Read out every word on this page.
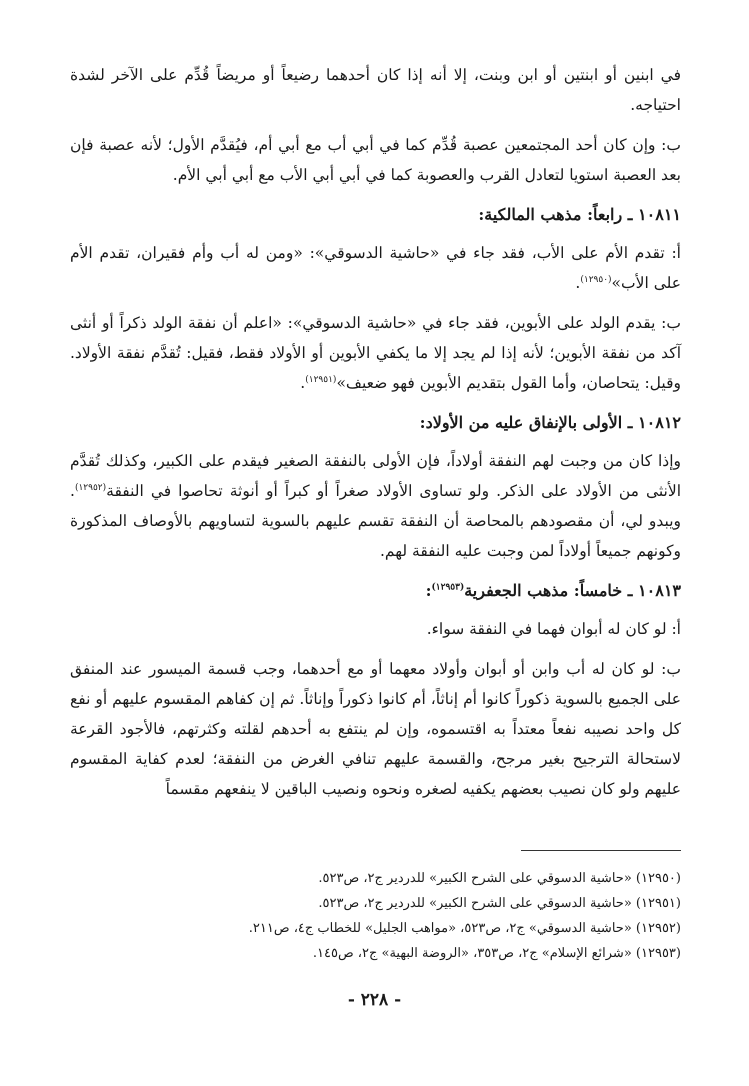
في ابنين أو ابنتين أو ابن وبنت، إلا أنه إذا كان أحدهما رضيعاً أو مريضاً قُدِّم على الآخر لشدة احتياجه.

ب: وإن كان أحد المجتمعين عصبة قُدِّم كما في أبي أب مع أبي أم، فيُقدَّم الأول؛ لأنه عصبة فإن بعد العصبة استويا لتعادل القرب والعصوبة كما في أبي أبي الأب مع أبي أبي الأم.

١٠٨١١ ـ رابعاً: مذهب المالكية:

أ: تقدم الأم على الأب، فقد جاء في «حاشية الدسوقي»: «ومن له أب وأم فقيران، تقدم الأم على الأب»$^{(١٢٩٥٠)}$.

ب: يقدم الولد على الأبوين، فقد جاء في «حاشية الدسوقي»: «اعلم أن نفقة الولد ذكراً أو أنثى آكد من نفقة الأبوين؛ لأنه إذا لم يجد إلا ما يكفي الأبوين أو الأولاد فقط، فقيل: تُقدَّم نفقة الأولاد. وقيل: يتحاصان، وأما القول بتقديم الأبوين فهو ضعيف»$^{(١٢٩٥١)}$.

١٠٨١٢ ـ الأولى بالإنفاق عليه من الأولاد:

وإذا كان من وجبت لهم النفقة أولاداً، فإن الأولى بالنفقة الصغير فيقدم على الكبير، وكذلك تُقدَّم الأنثى من الأولاد على الذكر. ولو تساوى الأولاد صغراً أو كبراً أو أنوثة تحاصوا في النفقة$^{(١٢٩٥٢)}$. ويبدو لي، أن مقصودهم بالمحاصة أن النفقة تقسم عليهم بالسوية لتساويهم بالأوصاف المذكورة وكونهم جميعاً أولاداً لمن وجبت عليه النفقة لهم.

١٠٨١٣ ـ خامساً: مذهب الجعفرية$^{(١٢٩٥٣)}$:

أ: لو كان له أبوان فهما في النفقة سواء.

ب: لو كان له أب وابن أو أبوان وأولاد معهما أو مع أحدهما، وجب قسمة الميسور عند المنفق على الجميع بالسوية ذكوراً كانوا أم إناثاً، أم كانوا ذكوراً وإناثاً. ثم إن كفاهم المقسوم عليهم أو نفع كل واحد نصيبه نفعاً معتداً به اقتسموه، وإن لم ينتفع به أحدهم لقلته وكثرتهم، فالأجود القرعة لاستحالة الترجيح بغير مرجح، والقسمة عليهم تنافي الغرض من النفقة؛ لعدم كفاية المقسوم عليهم ولو كان نصيب بعضهم يكفيه لصغره ونحوه ونصيب الباقين لا ينفعهم مقسماً

(١٢٩٥٠) «حاشية الدسوقي على الشرح الكبير» للدردير ج٢، ص٥٢٣.

(١٢٩٥١) «حاشية الدسوقي على الشرح الكبير» للدردير ج٢، ص٥٢٣.

(١٢٩٥٢) «حاشية الدسوقي» ج٢، ص٥٢٣، «مواهب الجليل» للخطاب ج٤، ص٢١١.

(١٢٩٥٣) «شرائع الإسلام» ج٢، ص٣٥٣، «الروضة البهية» ج٢، ص١٤٥.

- ٢٢٨ -
